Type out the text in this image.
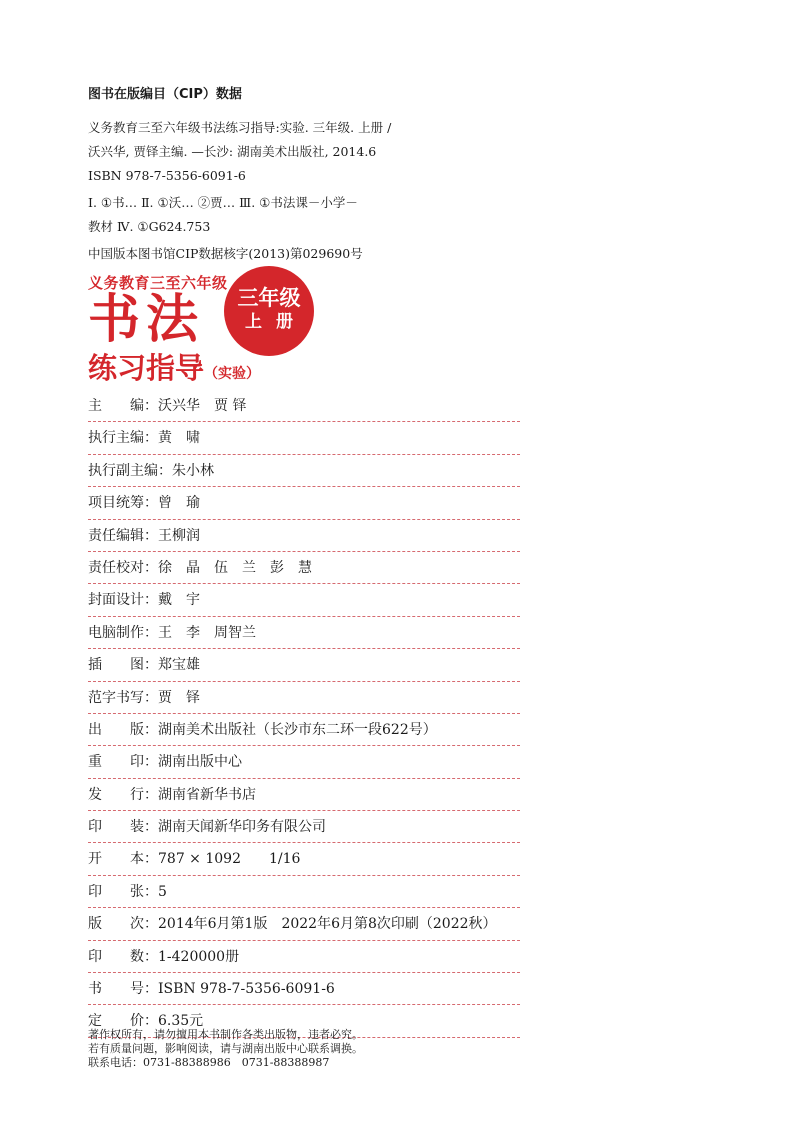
图书在版编目（CIP）数据
义务教育三至六年级书法练习指导:实验. 三年级. 上册 /
沃兴华, 贾铎主编. —长沙: 湖南美术出版社, 2014.6
ISBN 978-7-5356-6091-6
Ⅰ. ①书… Ⅱ. ①沃… ②贾… Ⅲ. ①书法课－小学－
教材 Ⅳ. ①G624.753
中国版本图书馆CIP数据核字(2013)第029690号
义务教育三至六年级
书法
练习指导（实验）
三年级
上册
主　　编：沃兴华　贾 铎
执行主编：黄　啸
执行副主编：朱小林
项目统筹：曾　瑜
责任编辑：王柳润
责任校对：徐　晶　伍　兰　彭　慧
封面设计：戴　宇
电脑制作：王　李　周智兰
插　　图：郑宝雄
范字书写：贾　铎
出　　版：湖南美术出版社（长沙市东二环一段622号）
重　　印：湖南出版中心
发　　行：湖南省新华书店
印　　装：湖南天闻新华印务有限公司
开　　本：787 × 1092　　1/16
印　　张：5
版　　次：2014年6月第1版　2022年6月第8次印刷（2022秋）
印　　数：1-420000册
书　　号：ISBN 978-7-5356-6091-6
定　　价：6.35元
著作权所有，请勿擅用本书制作各类出版物，违者必究。
若有质量问题，影响阅读，请与湖南出版中心联系调换。
联系电话：0731-88388986　0731-88388987
